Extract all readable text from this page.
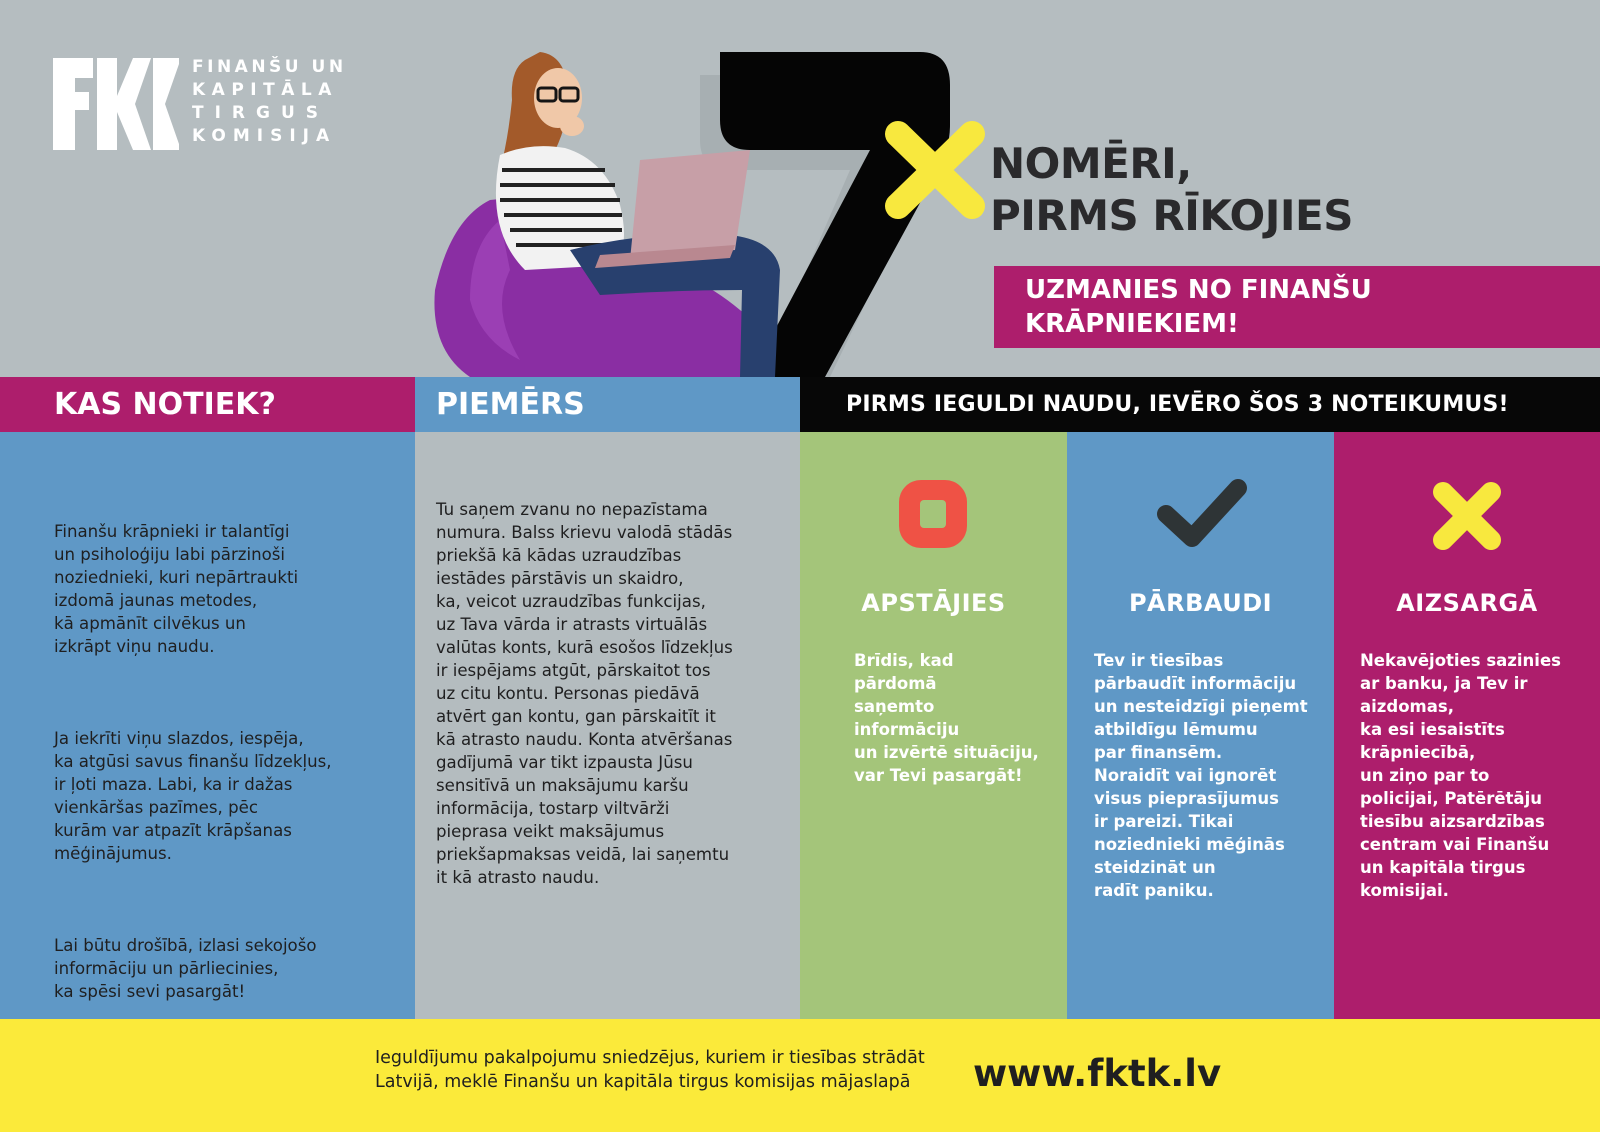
FINANŠU UN
KAPITĀLA
TIRGUS
KOMISIJA
NOMĒRI,
PIRMS RĪKOJIES
UZMANIES NO FINANŠU
KRĀPNIEKIEM!
KAS NOTIEK?	PIEMĒRS	PIRMS IEGULDI NAUDU, IEVĒRO ŠOS 3 NOTEIKUMUS!

Finanšu krāpnieki ir talantīgi
un psiholoģiju labi pārzinoši
noziednieki, kuri nepārtraukti
izdomā jaunas metodes,
kā apmānīt cilvēkus un
izkrāpt viņu naudu.

Ja iekrīti viņu slazdos, iespēja,
ka atgūsi savus finanšu līdzekļus,
ir ļoti maza. Labi, ka ir dažas
vienkāršas pazīmes, pēc
kurām var atpazīt krāpšanas
mēģinājumus.

Lai būtu drošībā, izlasi sekojošo
informāciju un pārliecinies,
ka spēsi sevi pasargāt!

Tu saņem zvanu no nepazīstama
numura. Balss krievu valodā stādās
priekšā kā kādas uzraudzības
iestādes pārstāvis un skaidro,
ka, veicot uzraudzības funkcijas,
uz Tava vārda ir atrasts virtuālās
valūtas konts, kurā esošos līdzekļus
ir iespējams atgūt, pārskaitot tos
uz citu kontu. Personas piedāvā
atvērt gan kontu, gan pārskaitīt it
kā atrasto naudu. Konta atvēršanas
gadījumā var tikt izpausta Jūsu
sensitīvā un maksājumu karšu
informācija, tostarp viltvārži
pieprasa veikt maksājumus
priekšapmaksas veidā, lai saņemtu
it kā atrasto naudu.
APSTĀJIES
Brīdis, kad
pārdomā
saņemto
informāciju
un izvērtē situāciju,
var Tevi pasargāt!
PĀRBAUDI
Tev ir tiesības
pārbaudīt informāciju
un nesteidzīgi pieņemt
atbildīgu lēmumu
par finansēm.
Noraidīt vai ignorēt
visus pieprasījumus
ir pareizi. Tikai
noziednieki mēģinās
steidzināt un
radīt paniku.
AIZSARGĀ
Nekavējoties sazinies
ar banku, ja Tev ir
aizdomas,
ka esi iesaistīts
krāpniecībā,
un ziņo par to
policijai, Patērētāju
tiesību aizsardzības
centram vai Finanšu
un kapitāla tirgus
komisijai.
Ieguldījumu pakalpojumu sniedzējus, kuriem ir tiesības strādāt
Latvijā, meklē Finanšu un kapitāla tirgus komisijas mājaslapā	www.fktk.lv
